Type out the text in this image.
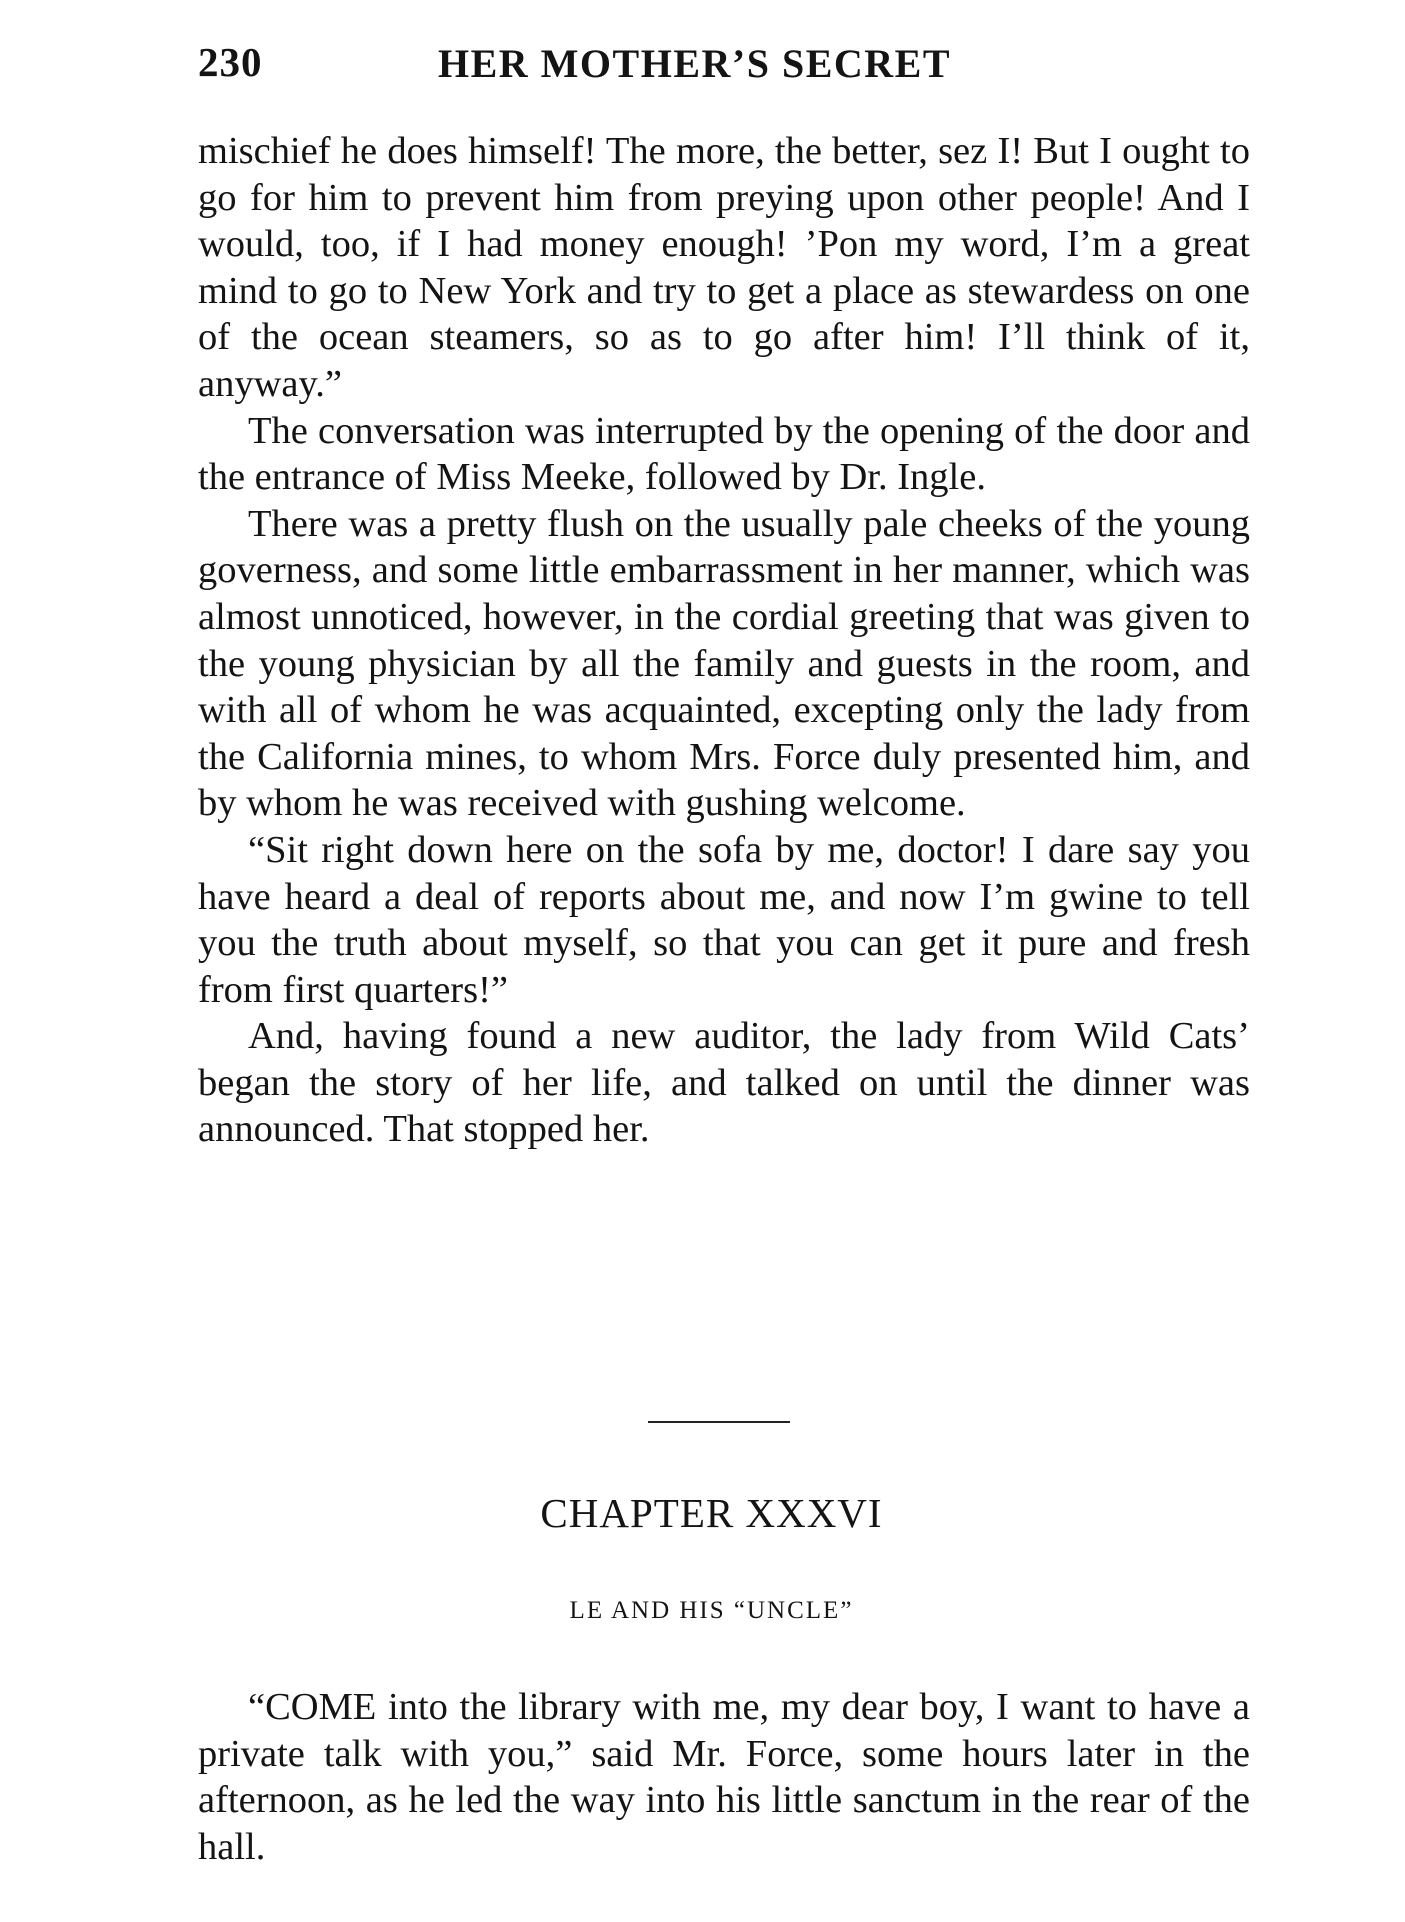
230	HER MOTHER’S SECRET

mischief he does himself! The more, the better, sez I! But I ought to go for him to prevent him from preying upon other people! And I would, too, if I had money enough! ’Pon my word, I’m a great mind to go to New York and try to get a place as stewardess on one of the ocean steamers, so as to go after him! I’ll think of it, anyway.”

The conversation was interrupted by the opening of the door and the entrance of Miss Meeke, followed by Dr. Ingle.

There was a pretty flush on the usually pale cheeks of the young governess, and some little embarrassment in her manner, which was almost unnoticed, however, in the cordial greeting that was given to the young physician by all the family and guests in the room, and with all of whom he was acquainted, excepting only the lady from the California mines, to whom Mrs. Force duly presented him, and by whom he was received with gushing welcome.

“Sit right down here on the sofa by me, doctor! I dare say you have heard a deal of reports about me, and now I’m gwine to tell you the truth about myself, so that you can get it pure and fresh from first quarters!”

And, having found a new auditor, the lady from Wild Cats’ began the story of her life, and talked on until the dinner was announced. That stopped her.

CHAPTER XXXVI
LE AND HIS “UNCLE”

“COME into the library with me, my dear boy, I want to have a private talk with you,” said Mr. Force, some hours later in the afternoon, as he led the way into his little sanctum in the rear of the hall.
